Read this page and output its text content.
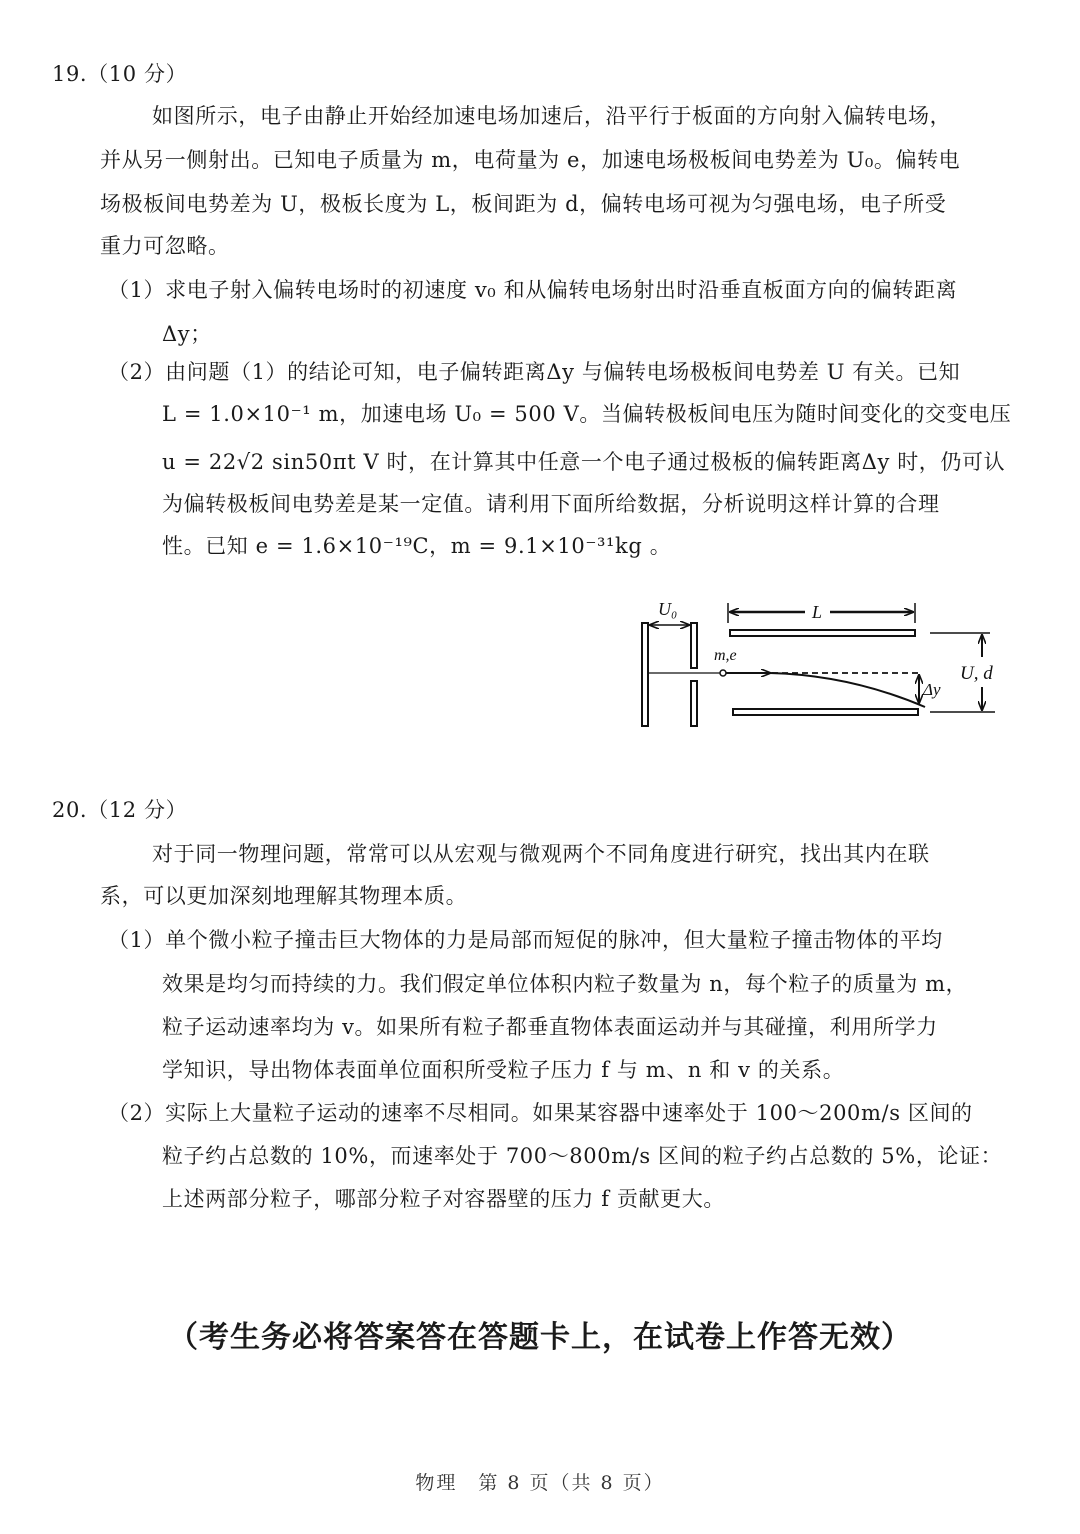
19.（10 分）
如图所示，电子由静止开始经加速电场加速后，沿平行于板面的方向射入偏转电场，
并从另一侧射出。已知电子质量为 m，电荷量为 e，加速电场极板间电势差为 U₀。偏转电
场极板间电势差为 U，极板长度为 L，板间距为 d，偏转电场可视为匀强电场，电子所受
重力可忽略。
（1）求电子射入偏转电场时的初速度 v₀ 和从偏转电场射出时沿垂直板面方向的偏转距离
Δy；
（2）由问题（1）的结论可知，电子偏转距离Δy 与偏转电场极板间电势差 U 有关。已知
L = 1.0×10⁻¹ m，加速电场 U₀ = 500 V。当偏转极板间电压为随时间变化的交变电压
u = 22√2 sin50πt V 时，在计算其中任意一个电子通过极板的偏转距离Δy 时，仍可认
为偏转极板间电势差是某一定值。请利用下面所给数据，分析说明这样计算的合理
性。已知 e = 1.6×10⁻¹⁹C，m = 9.1×10⁻³¹kg 。
U₀
m,e
L
Δy
U, d
20.（12 分）
对于同一物理问题，常常可以从宏观与微观两个不同角度进行研究，找出其内在联
系，可以更加深刻地理解其物理本质。
（1）单个微小粒子撞击巨大物体的力是局部而短促的脉冲，但大量粒子撞击物体的平均
效果是均匀而持续的力。我们假定单位体积内粒子数量为 n，每个粒子的质量为 m，
粒子运动速率均为 v。如果所有粒子都垂直物体表面运动并与其碰撞，利用所学力
学知识，导出物体表面单位面积所受粒子压力 f 与 m、n 和 v 的关系。
（2）实际上大量粒子运动的速率不尽相同。如果某容器中速率处于 100～200m/s 区间的
粒子约占总数的 10%，而速率处于 700～800m/s 区间的粒子约占总数的 5%，论证：
上述两部分粒子，哪部分粒子对容器壁的压力 f 贡献更大。
（考生务必将答案答在答题卡上，在试卷上作答无效）
物理　第 8 页（共 8 页）
